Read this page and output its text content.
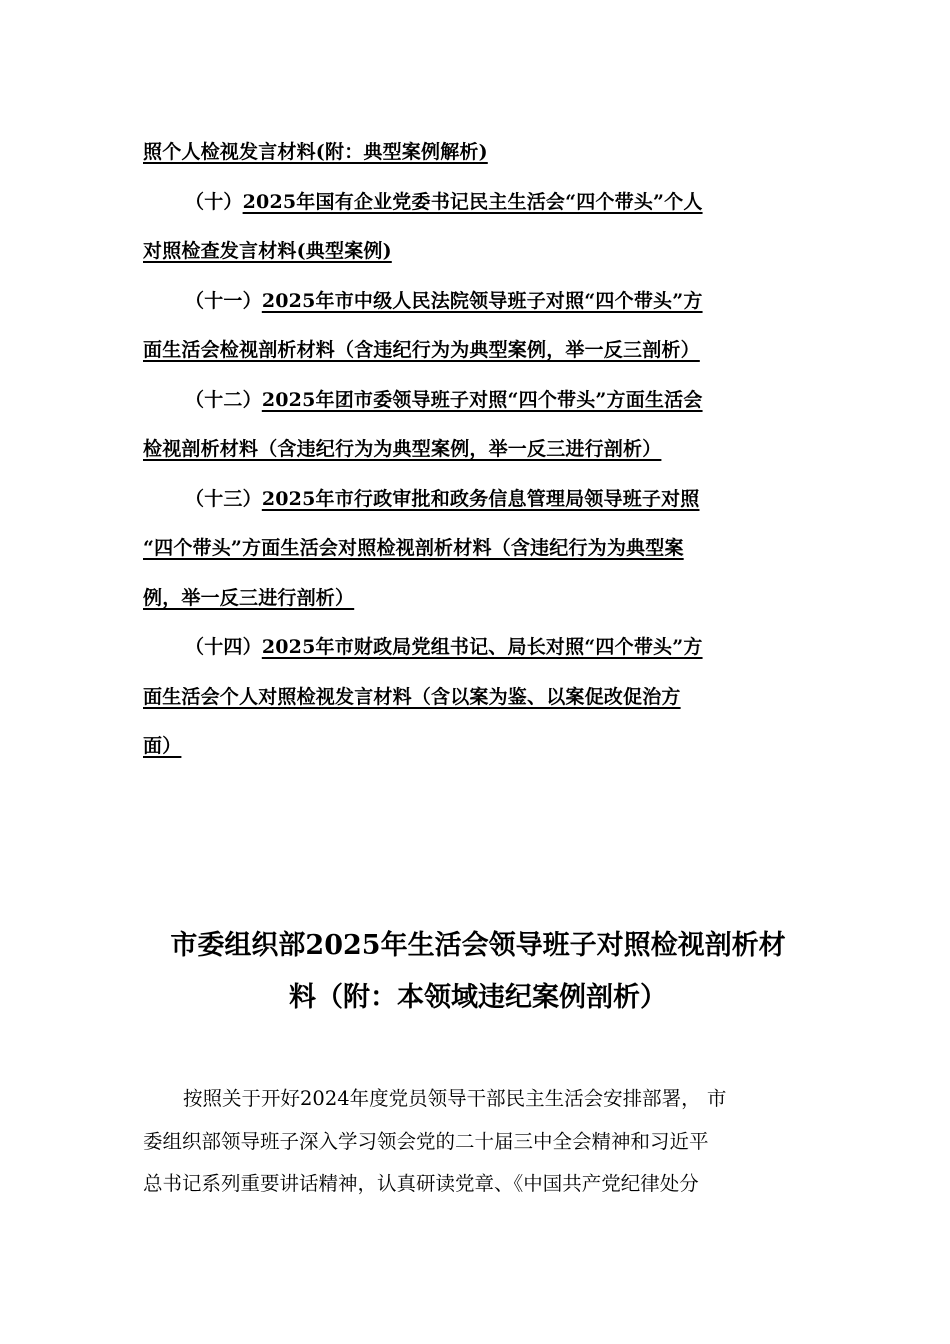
照个人检视发言材料(附：典型案例解析)
（十）2025年国有企业党委书记民主生活会“四个带头”个人
对照检查发言材料(典型案例)
（十一）2025年市中级人民法院领导班子对照“四个带头”方
面生活会检视剖析材料（含违纪行为为典型案例，举一反三剖析）
（十二）2025年团市委领导班子对照“四个带头”方面生活会
检视剖析材料（含违纪行为为典型案例，举一反三进行剖析）
（十三）2025年市行政审批和政务信息管理局领导班子对照
“四个带头”方面生活会对照检视剖析材料（含违纪行为为典型案
例，举一反三进行剖析）
（十四）2025年市财政局党组书记、局长对照“四个带头”方
面生活会个人对照检视发言材料（含以案为鉴、以案促改促治方
面）
市委组织部2025年生活会领导班子对照检视剖析材
料（附：本领域违纪案例剖析）
按照关于开好2024年度党员领导干部民主生活会安排部署， 市
委组织部领导班子深入学习领会党的二十届三中全会精神和习近平
总书记系列重要讲话精神，认真研读党章、《中国共产党纪律处分
